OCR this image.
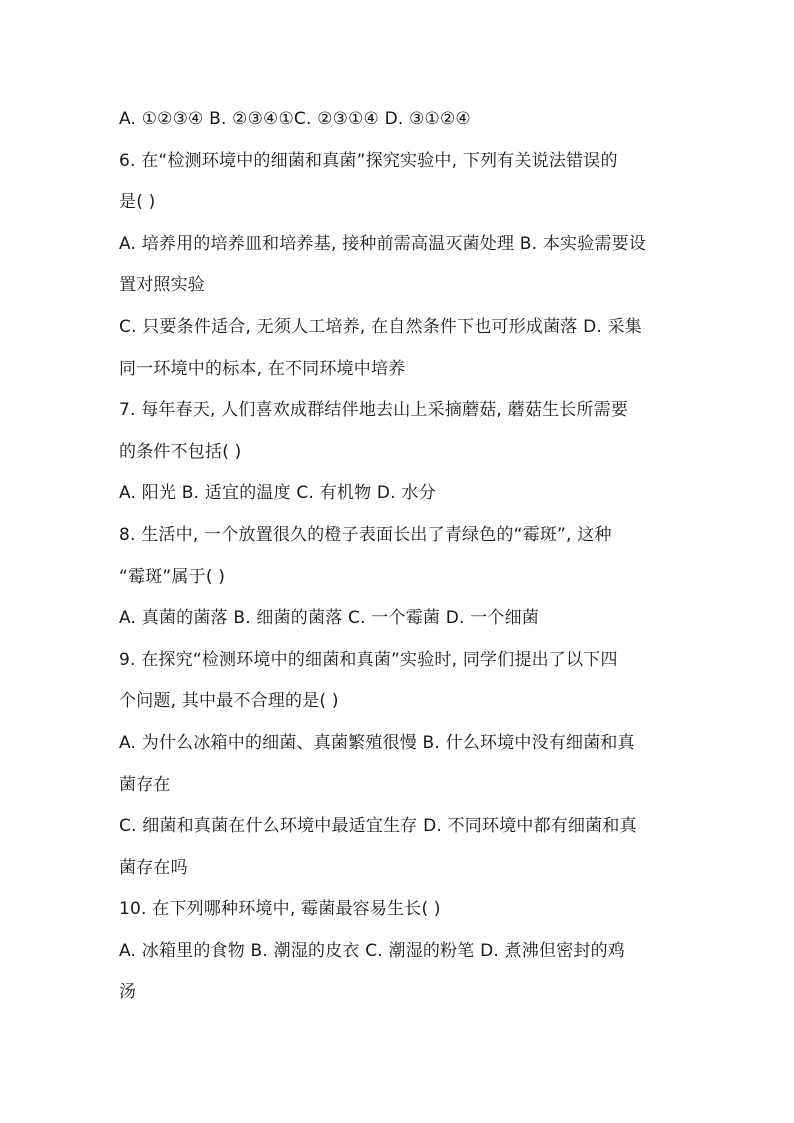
A. ①②③④ B. ②③④①C. ②③①④ D. ③①②④
6. 在“检测环境中的细菌和真菌”探究实验中, 下列有关说法错误的
是( )
A. 培养用的培养皿和培养基, 接种前需高温灭菌处理 B. 本实验需要设
置对照实验
C. 只要条件适合, 无须人工培养, 在自然条件下也可形成菌落 D. 采集
同一环境中的标本, 在不同环境中培养
7. 每年春天, 人们喜欢成群结伴地去山上采摘蘑菇, 蘑菇生长所需要
的条件不包括( )
A. 阳光 B. 适宜的温度 C. 有机物 D. 水分
8. 生活中, 一个放置很久的橙子表面长出了青绿色的“霉斑”, 这种
“霉斑”属于( )
A. 真菌的菌落 B. 细菌的菌落 C. 一个霉菌 D. 一个细菌
9. 在探究“检测环境中的细菌和真菌”实验时, 同学们提出了以下四
个问题, 其中最不合理的是( )
A. 为什么冰箱中的细菌、真菌繁殖很慢 B. 什么环境中没有细菌和真
菌存在
C. 细菌和真菌在什么环境中最适宜生存 D. 不同环境中都有细菌和真
菌存在吗
10. 在下列哪种环境中, 霉菌最容易生长( )
A. 冰箱里的食物 B. 潮湿的皮衣 C. 潮湿的粉笔 D. 煮沸但密封的鸡
汤
